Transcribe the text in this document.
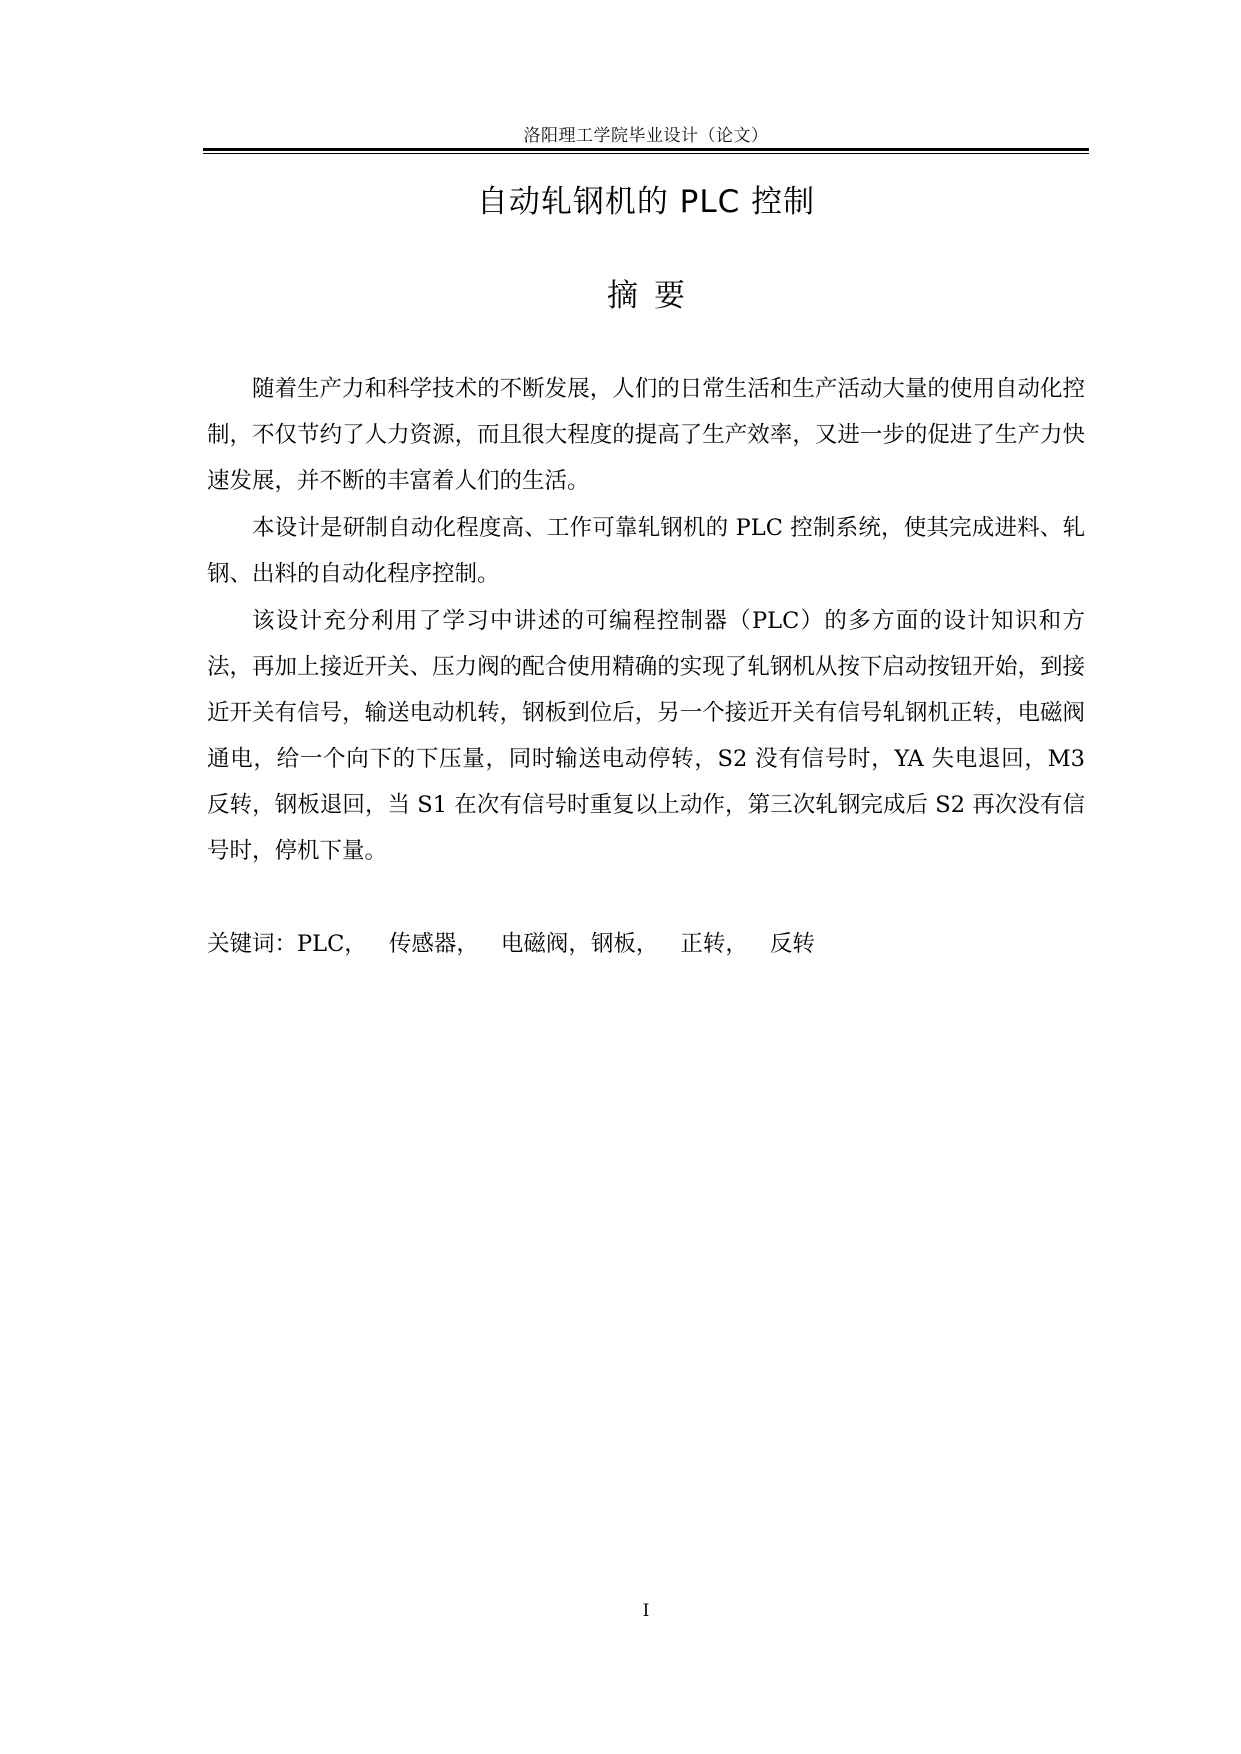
洛阳理工学院毕业设计（论文）
自动轧钢机的 PLC 控制
摘要

随着生产力和科学技术的不断发展，人们的日常生活和生产活动大量的使用自动化控制，不仅节约了人力资源，而且很大程度的提高了生产效率，又进一步的促进了生产力快速发展，并不断的丰富着人们的生活。

本设计是研制自动化程度高、工作可靠轧钢机的 PLC 控制系统，使其完成进料、轧钢、出料的自动化程序控制。

该设计充分利用了学习中讲述的可编程控制器（PLC）的多方面的设计知识和方法，再加上接近开关、压力阀的配合使用精确的实现了轧钢机从按下启动按钮开始，到接近开关有信号，输送电动机转，钢板到位后，另一个接近开关有信号轧钢机正转，电磁阀通电，给一个向下的下压量，同时输送电动停转，S2 没有信号时，YA 失电退回，M3 反转，钢板退回，当 S1 在次有信号时重复以上动作，第三次轧钢完成后 S2 再次没有信号时，停机下量。

关键词：PLC， 传感器， 电磁阀，钢板， 正转， 反转
I
